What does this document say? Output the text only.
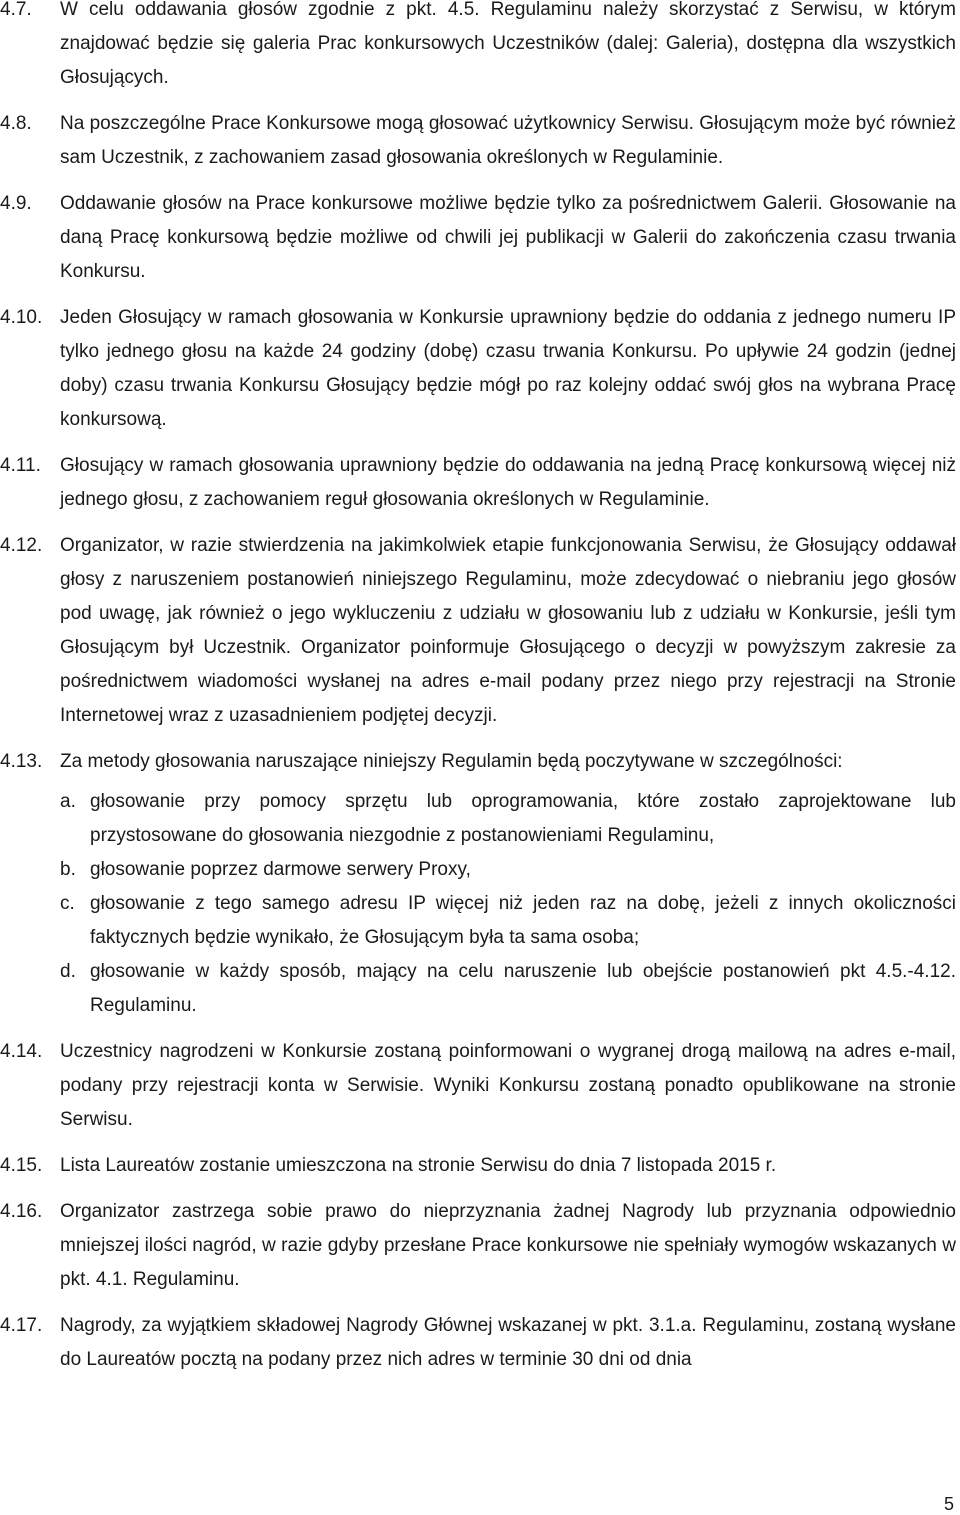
4.7.	W celu oddawania głosów zgodnie z pkt. 4.5. Regulaminu należy skorzystać z Serwisu, w którym znajdować będzie się galeria Prac konkursowych Uczestników (dalej: Galeria), dostępna dla wszystkich Głosujących.
4.8.	Na poszczególne Prace Konkursowe mogą głosować użytkownicy Serwisu. Głosującym może być również sam Uczestnik, z zachowaniem zasad głosowania określonych w Regulaminie.
4.9.	Oddawanie głosów na Prace konkursowe możliwe będzie tylko za pośrednictwem Galerii. Głosowanie na daną Pracę konkursową będzie możliwe od chwili jej publikacji w Galerii do zakończenia czasu trwania Konkursu.
4.10. Jeden Głosujący w ramach głosowania w Konkursie uprawniony będzie do oddania z jednego numeru IP tylko jednego głosu na każde 24 godziny (dobę) czasu trwania Konkursu. Po upływie 24 godzin (jednej doby) czasu trwania Konkursu Głosujący będzie mógł po raz kolejny oddać swój głos na wybrana Pracę konkursową.
4.11.	Głosujący w ramach głosowania uprawniony będzie do oddawania na jedną Pracę konkursową więcej niż jednego głosu, z zachowaniem reguł głosowania określonych w Regulaminie.
4.12. Organizator, w razie stwierdzenia na jakimkolwiek etapie funkcjonowania Serwisu, że Głosujący oddawał głosy z naruszeniem postanowień niniejszego Regulaminu, może zdecydować o niebraniu jego głosów pod uwagę, jak również o jego wykluczeniu z udziału w głosowaniu lub z udziału w Konkursie, jeśli tym Głosującym był Uczestnik. Organizator poinformuje Głosującego o decyzji w powyższym zakresie za pośrednictwem wiadomości wysłanej na adres e-mail podany przez niego przy rejestracji na Stronie Internetowej wraz z uzasadnieniem podjętej decyzji.
4.13. Za metody głosowania naruszające niniejszy Regulamin będą poczytywane w szczególności:
a. głosowanie przy pomocy sprzętu lub oprogramowania, które zostało zaprojektowane lub przystosowane do głosowania niezgodnie z postanowieniami Regulaminu,
b. głosowanie poprzez darmowe serwery Proxy,
c. głosowanie z tego samego adresu IP więcej niż jeden raz na dobę, jeżeli z innych okoliczności faktycznych będzie wynikało, że Głosującym była ta sama osoba;
d. głosowanie w każdy sposób, mający na celu naruszenie lub obejście postanowień pkt 4.5.-4.12. Regulaminu.
4.14. Uczestnicy nagrodzeni w Konkursie zostaną poinformowani o wygranej drogą mailową na adres e-mail, podany przy rejestracji konta w Serwisie. Wyniki Konkursu zostaną ponadto opublikowane na stronie Serwisu.
4.15. Lista Laureatów zostanie umieszczona na stronie Serwisu do dnia 7 listopada 2015 r.
4.16. Organizator zastrzega sobie prawo do nieprzyznania żadnej Nagrody lub przyznania odpowiednio mniejszej ilości nagród, w razie gdyby przesłane Prace konkursowe nie spełniały wymogów wskazanych w pkt. 4.1. Regulaminu.
4.17. Nagrody, za wyjątkiem składowej Nagrody Głównej wskazanej w pkt. 3.1.a. Regulaminu, zostaną wysłane do Laureatów pocztą na podany przez nich adres w terminie 30 dni od dnia
5
